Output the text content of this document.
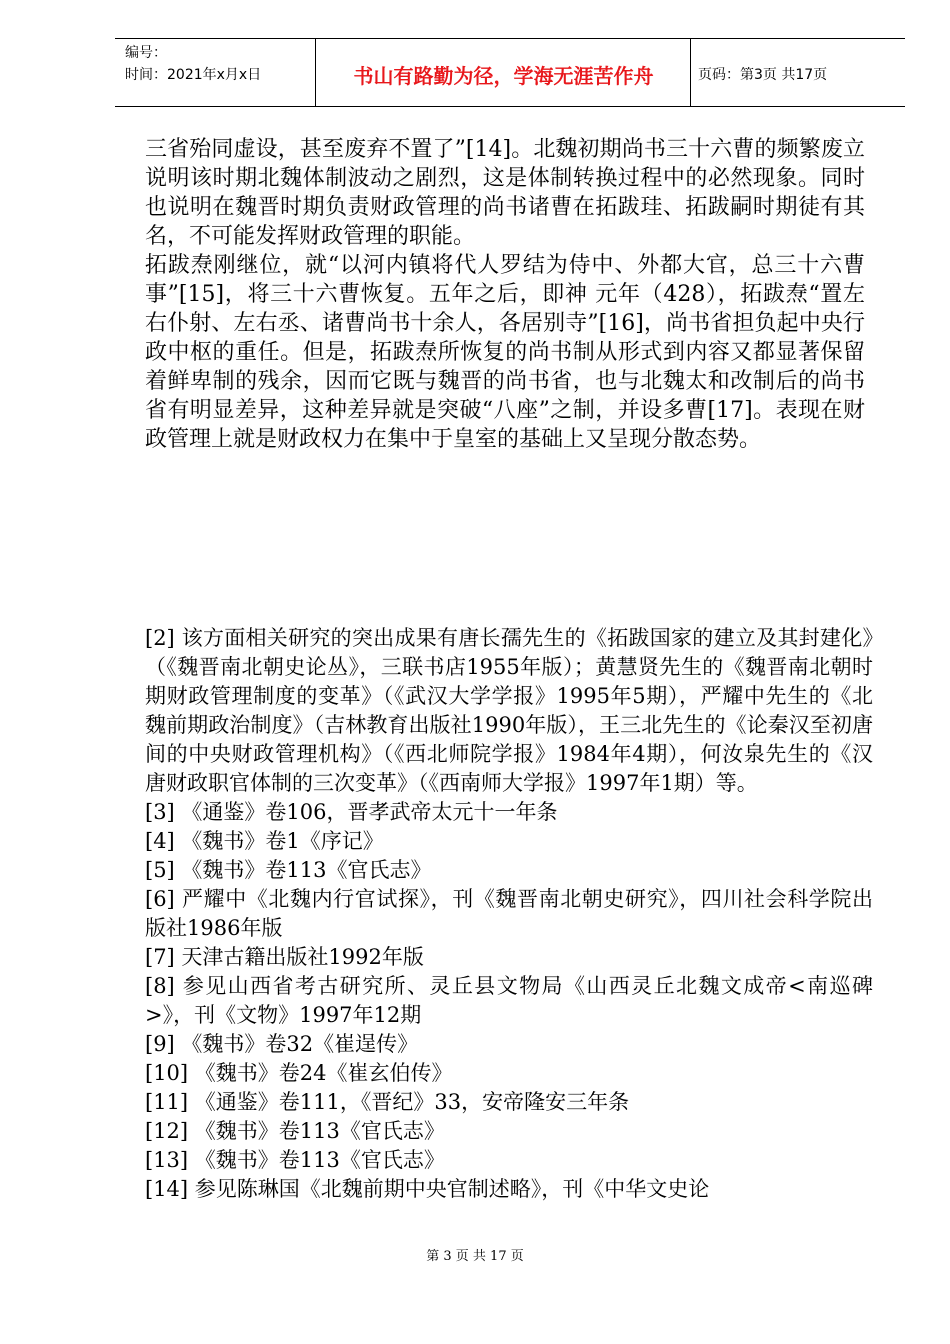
编号：
时间：2021年x月x日	书山有路勤为径，学海无涯苦作舟	页码：第3页 共17页

三省殆同虚设，甚至废弃不置了”[14]。北魏初期尚书三十六曹的频繁废立说明该时期北魏体制波动之剧烈，这是体制转换过程中的必然现象。同时也说明在魏晋时期负责财政管理的尚书诸曹在拓跋珪、拓跋嗣时期徒有其名，不可能发挥财政管理的职能。

拓跋焘刚继位，就“以河内镇将代人罗结为侍中、外都大官，总三十六曹事”[15]，将三十六曹恢复。五年之后，即神 元年（428），拓跋焘“置左右仆射、左右丞、诸曹尚书十余人，各居别寺”[16]，尚书省担负起中央行政中枢的重任。但是，拓跋焘所恢复的尚书制从形式到内容又都显著保留着鲜卑制的残余，因而它既与魏晋的尚书省，也与北魏太和改制后的尚书省有明显差异，这种差异就是突破“八座”之制，并设多曹[17]。表现在财政管理上就是财政权力在集中于皇室的基础上又呈现分散态势。

[2] 该方面相关研究的突出成果有唐长孺先生的《拓跋国家的建立及其封建化》（《魏晋南北朝史论丛》，三联书店1955年版）；黄慧贤先生的《魏晋南北朝时期财政管理制度的变革》（《武汉大学学报》1995年5期），严耀中先生的《北魏前期政治制度》（吉林教育出版社1990年版），王三北先生的《论秦汉至初唐间的中央财政管理机构》（《西北师院学报》1984年4期），何汝泉先生的《汉唐财政职官体制的三次变革》（《西南师大学报》1997年1期）等。

[3] 《通鉴》卷106，晋孝武帝太元十一年条

[4] 《魏书》卷1《序记》

[5] 《魏书》卷113《官氏志》

[6] 严耀中《北魏内行官试探》，刊《魏晋南北朝史研究》，四川社会科学院出版社1986年版

[7] 天津古籍出版社1992年版

[8] 参见山西省考古研究所、灵丘县文物局《山西灵丘北魏文成帝<南巡碑>》，刊《文物》1997年12期

[9] 《魏书》卷32《崔逞传》

[10] 《魏书》卷24《崔玄伯传》

[11] 《通鉴》卷111，《晋纪》33，安帝隆安三年条

[12] 《魏书》卷113《官氏志》

[13] 《魏书》卷113《官氏志》

[14] 参见陈琳国《北魏前期中央官制述略》，刊《中华文史论

第 3 页 共 17 页
